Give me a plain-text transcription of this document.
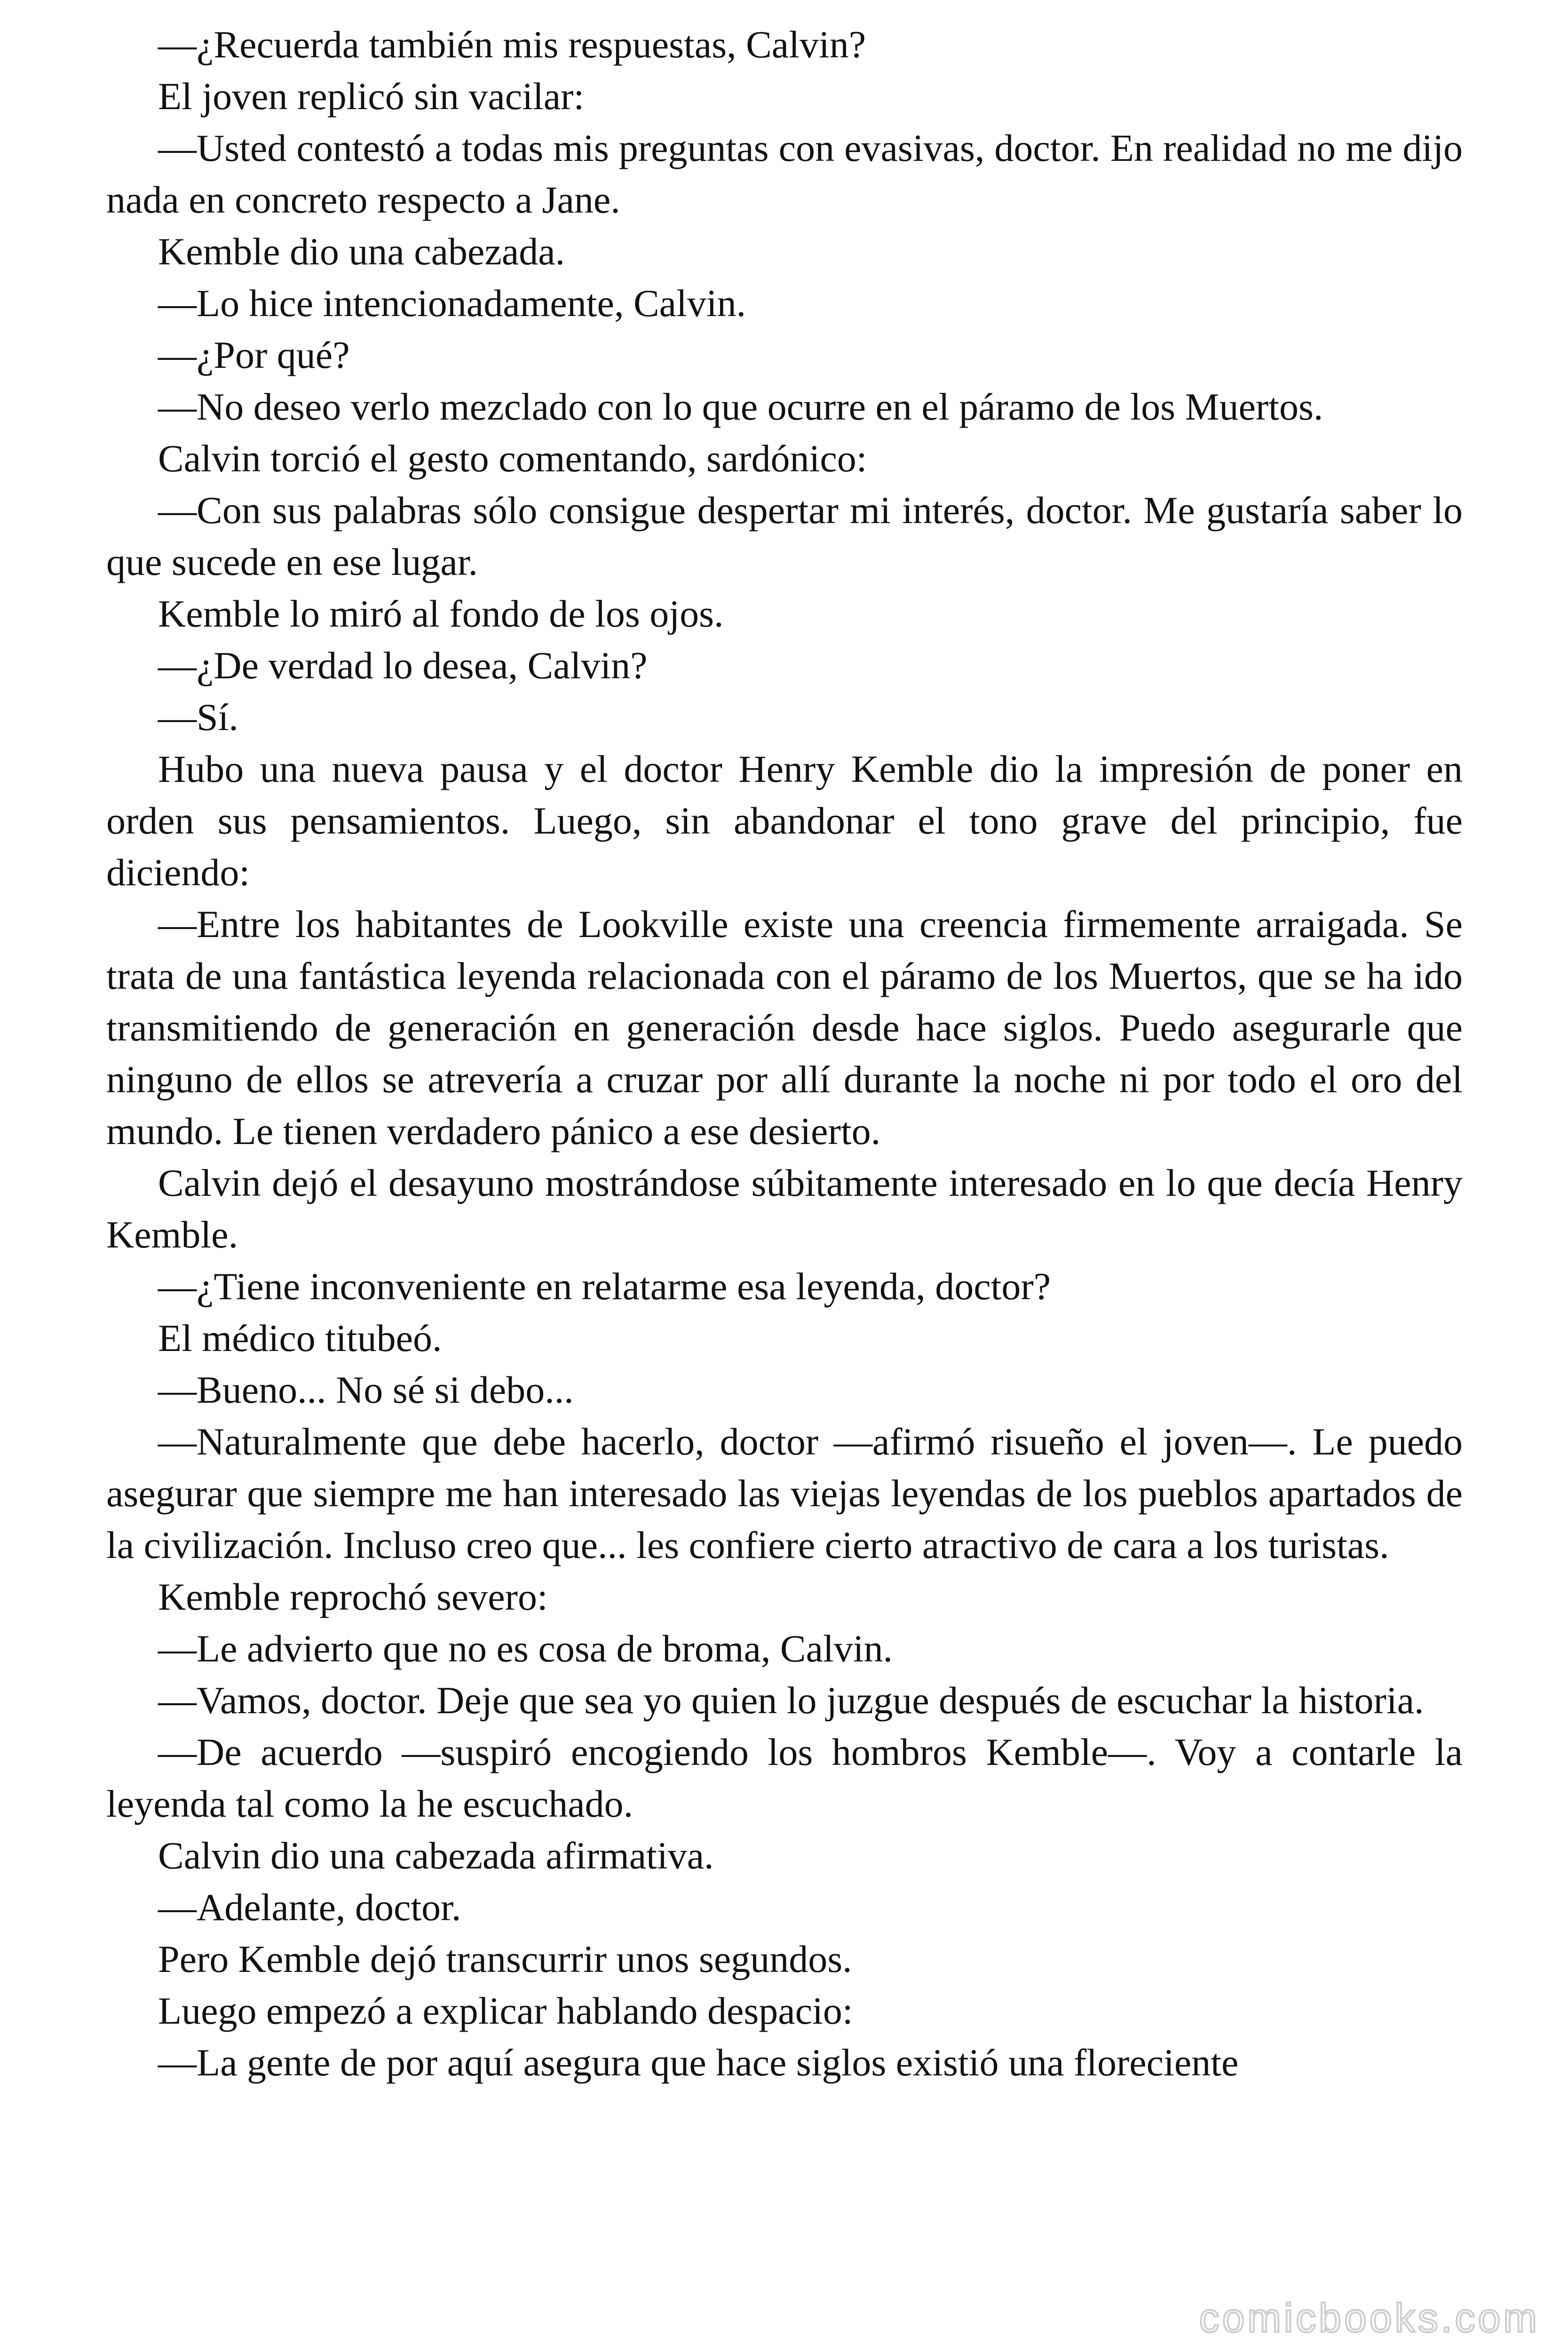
—¿Recuerda también mis respuestas, Calvin?

El joven replicó sin vacilar:

—Usted contestó a todas mis preguntas con evasivas, doctor. En realidad no me dijo nada en concreto respecto a Jane.

Kemble dio una cabezada.

—Lo hice intencionadamente, Calvin.

—¿Por qué?

—No deseo verlo mezclado con lo que ocurre en el páramo de los Muertos.

Calvin torció el gesto comentando, sardónico:

—Con sus palabras sólo consigue despertar mi interés, doctor. Me gustaría saber lo que sucede en ese lugar.

Kemble lo miró al fondo de los ojos.

—¿De verdad lo desea, Calvin?

—Sí.

Hubo una nueva pausa y el doctor Henry Kemble dio la impresión de poner en orden sus pensamientos. Luego, sin abandonar el tono grave del principio, fue diciendo:

—Entre los habitantes de Lookville existe una creencia firmemente arraigada. Se trata de una fantástica leyenda relacionada con el páramo de los Muertos, que se ha ido transmitiendo de generación en generación desde hace siglos. Puedo asegurarle que ninguno de ellos se atrevería a cruzar por allí durante la noche ni por todo el oro del mundo. Le tienen verdadero pánico a ese desierto.

Calvin dejó el desayuno mostrándose súbitamente interesado en lo que decía Henry Kemble.

—¿Tiene inconveniente en relatarme esa leyenda, doctor?

El médico titubeó.

—Bueno... No sé si debo...

—Naturalmente que debe hacerlo, doctor —afirmó risueño el joven—. Le puedo asegurar que siempre me han interesado las viejas leyendas de los pueblos apartados de la civilización. Incluso creo que... les confiere cierto atractivo de cara a los turistas.

Kemble reprochó severo:

—Le advierto que no es cosa de broma, Calvin.

—Vamos, doctor. Deje que sea yo quien lo juzgue después de escuchar la historia.

—De acuerdo —suspiró encogiendo los hombros Kemble—. Voy a contarle la leyenda tal como la he escuchado.

Calvin dio una cabezada afirmativa.

—Adelante, doctor.

Pero Kemble dejó transcurrir unos segundos.

Luego empezó a explicar hablando despacio:

—La gente de por aquí asegura que hace siglos existió una floreciente

comicbooks.com
